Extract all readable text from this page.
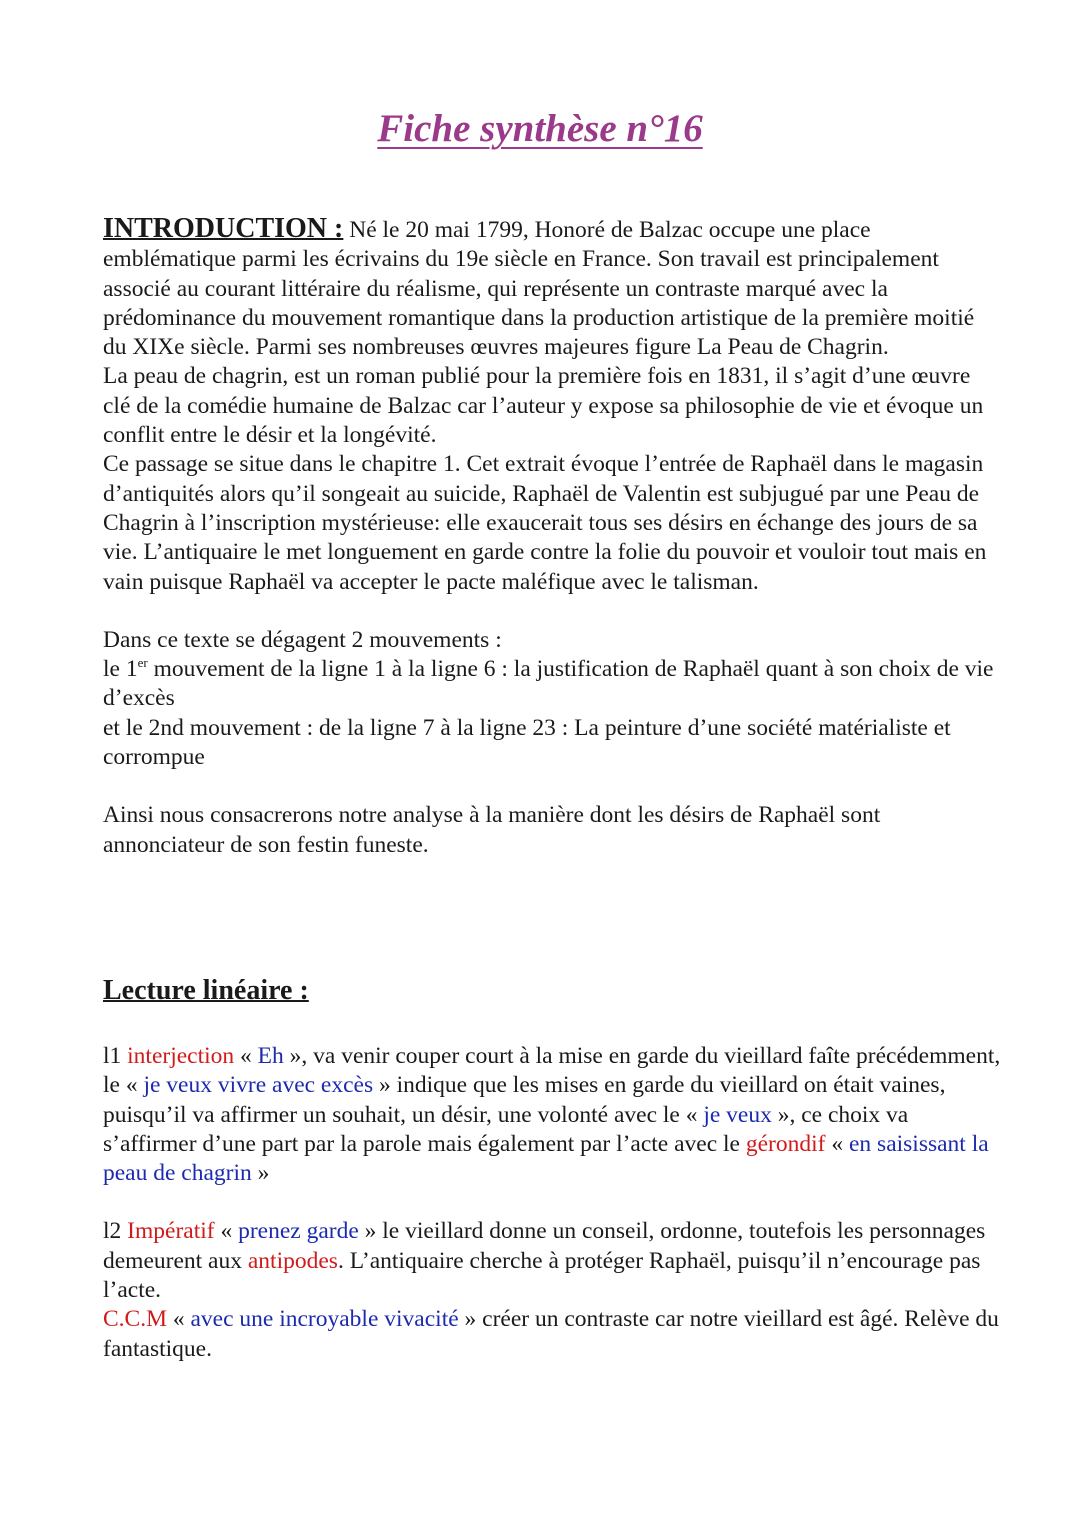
Fiche synthèse n°16

INTRODUCTION : Né le 20 mai 1799, Honoré de Balzac occupe une place emblématique parmi les écrivains du 19e siècle en France. Son travail est principalement associé au courant littéraire du réalisme, qui représente un contraste marqué avec la prédominance du mouvement romantique dans la production artistique de la première moitié du XIXe siècle. Parmi ses nombreuses œuvres majeures figure La Peau de Chagrin.

La peau de chagrin, est un roman publié pour la première fois en 1831, il s’agit d’une œuvre clé de la comédie humaine de Balzac car l’auteur y expose sa philosophie de vie et évoque un conflit entre le désir et la longévité.

Ce passage se situe dans le chapitre 1. Cet extrait évoque l’entrée de Raphaël dans le magasin d’antiquités alors qu’il songeait au suicide, Raphaël de Valentin est subjugué par une Peau de Chagrin à l’inscription mystérieuse: elle exaucerait tous ses désirs en échange des jours de sa vie. L’antiquaire le met longuement en garde contre la folie du pouvoir et vouloir tout mais en vain puisque Raphaël va accepter le pacte maléfique avec le talisman.

Dans ce texte se dégagent 2 mouvements :

le 1er mouvement de la ligne 1 à la ligne 6 : la justification de Raphaël quant à son choix de vie d’excès

et le 2nd mouvement : de la ligne 7 à la ligne 23 : La peinture d’une société matérialiste et corrompue

Ainsi nous consacrerons notre analyse à la manière dont les désirs de Raphaël sont annonciateur de son festin funeste.

Lecture linéaire :

l1 interjection « Eh », va venir couper court à la mise en garde du vieillard faîte précédemment, le « je veux vivre avec excès » indique que les mises en garde du vieillard on était vaines, puisqu’il va affirmer un souhait, un désir, une volonté avec le « je veux », ce choix va s’affirmer d’une part par la parole mais également par l’acte avec le gérondif « en saisissant la peau de chagrin »

l2 Impératif « prenez garde » le vieillard donne un conseil, ordonne, toutefois les personnages demeurent aux antipodes. L’antiquaire cherche à protéger Raphaël, puisqu’il n’encourage pas l’acte.

C.C.M « avec une incroyable vivacité » créer un contraste car notre vieillard est âgé. Relève du fantastique.
